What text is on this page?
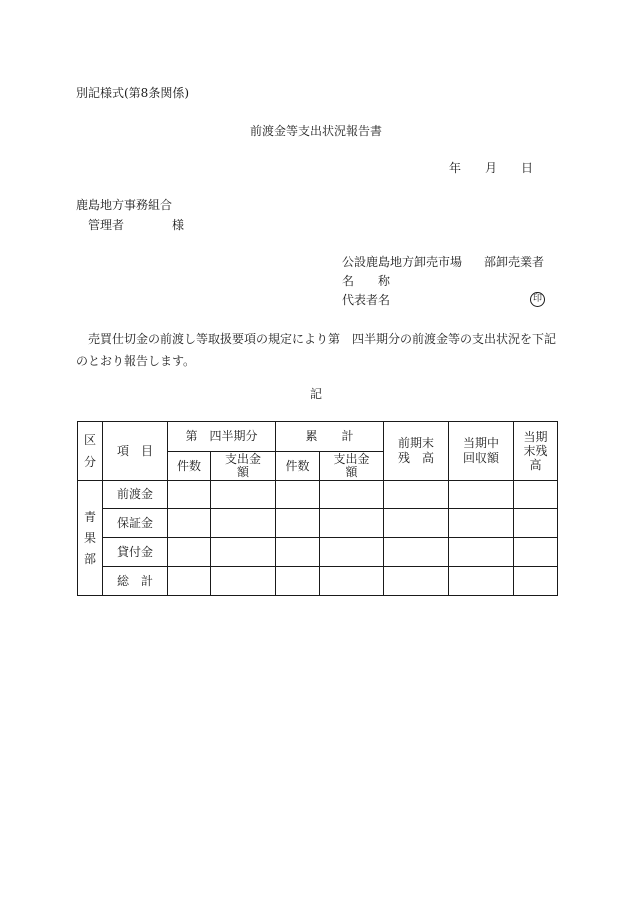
別記様式(第8条関係)
前渡金等支出状況報告書
年 月 日
鹿島地方事務組合
管理者	様
公設鹿島地方卸売市場 部卸売業者
名　　称
代表者名	印

売買仕切金の前渡し等取扱要項の規定により第　四半期分の前渡金等の支出状況を下記のとおり報告します。

記
区分	項　目	第　四半期分		累　　計		前期末残　高	当期中回収額	当期末残高
		件数	支出金額	件数	支出金額			
青果部	前渡金							
	保証金							
	貸付金							
	総　計							
